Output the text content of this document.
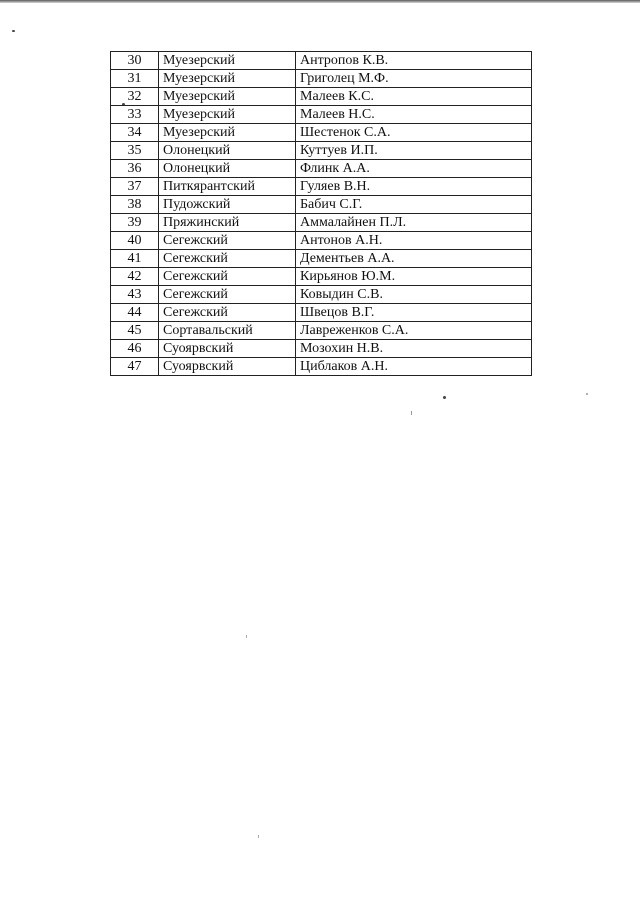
30	Муезерский	Антропов К.В.
31	Муезерский	Григолец М.Ф.
32	Муезерский	Малеев К.С.
33	Муезерский	Малеев Н.С.
34	Муезерский	Шестенок С.А.
35	Олонецкий	Куттуев И.П.
36	Олонецкий	Флинк А.А.
37	Питкярантский	Гуляев В.Н.
38	Пудожский	Бабич С.Г.
39	Пряжинский	Аммалайнен П.Л.
40	Сегежский	Антонов А.Н.
41	Сегежский	Дементьев А.А.
42	Сегежский	Кирьянов Ю.М.
43	Сегежский	Ковыдин С.В.
44	Сегежский	Швецов В.Г.
45	Сортавальский	Лавреженков С.А.
46	Суоярвский	Мозохин Н.В.
47	Суоярвский	Циблаков А.Н.
